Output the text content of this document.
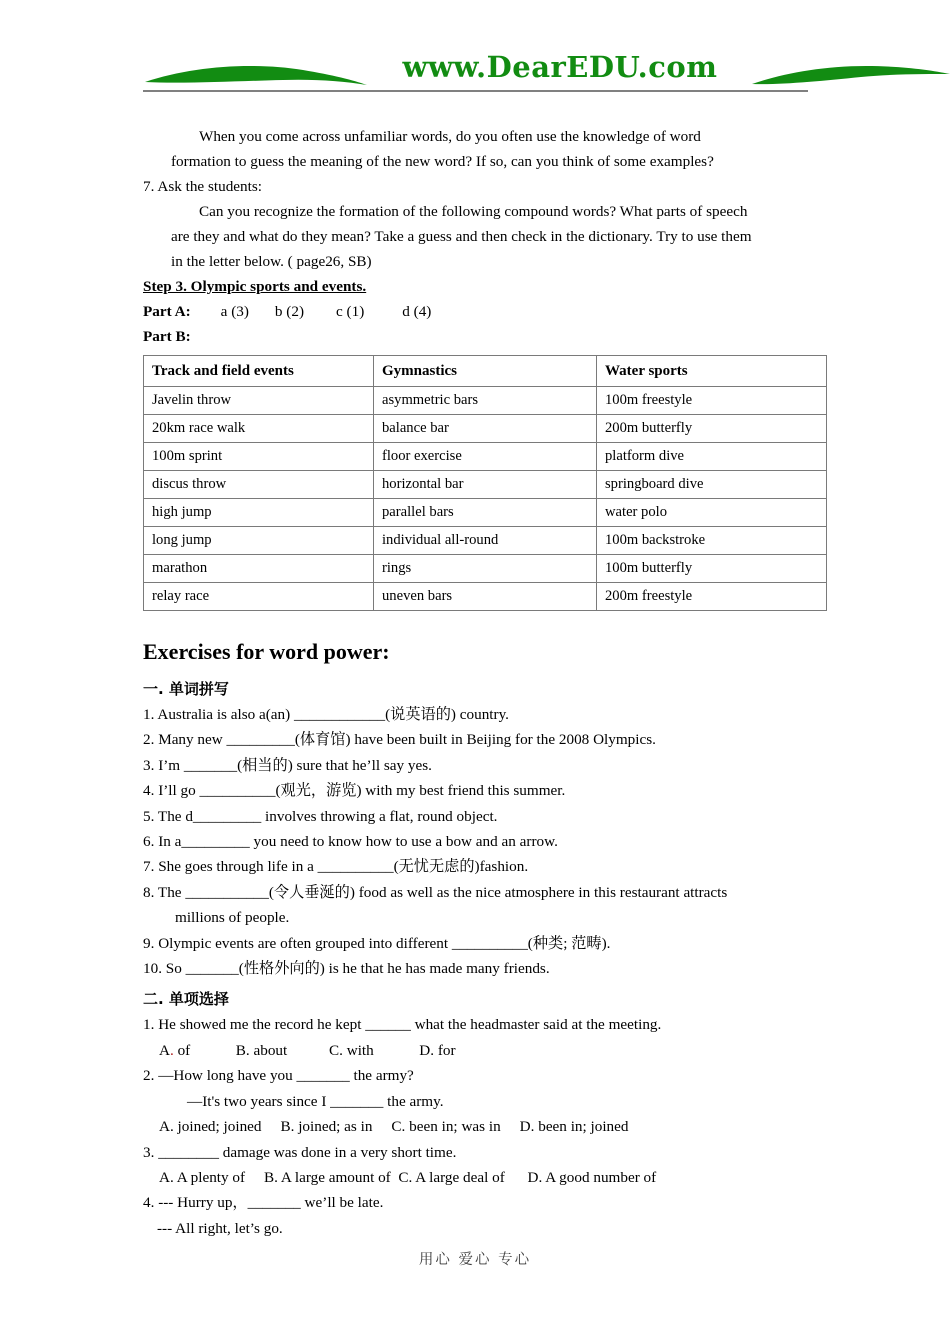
www.DearEDU.com

When you come across unfamiliar words, do you often use the knowledge of word

formation to guess the meaning of the new word? If so, can you think of some examples?

7. Ask the students:

Can you recognize the formation of the following compound words? What parts of speech

are they and what do they mean? Take a guess and then check in the dictionary. Try to use them

in the letter below. ( page26, SB)

Step 3. Olympic sports and events.

Part A: a (3) b (2) c (1)	d (4)

Part B:

Track and field events	Gymnastics	Water sports
Javelin throw	asymmetric bars	100m freestyle
20km race walk	balance bar	200m butterfly
100m sprint	floor exercise	platform dive
discus throw	horizontal bar	springboard dive
high jump	parallel bars	water polo
long jump	individual all-round	100m backstroke
marathon	rings	100m butterfly
relay race	uneven bars	200m freestyle

Exercises for word power:

一. 单词拼写

1. Australia is also a(an) ____________(说英语的) country.

2. Many new _________(体育馆) have been built in Beijing for the 2008 Olympics.

3. I’m _______(相当的) sure that he’ll say yes.

4. I’ll go __________(观光，游览) with my best friend this summer.

5. The d_________ involves throwing a flat, round object.

6. In a_________ you need to know how to use a bow and an arrow.

7. She goes through life in a __________(无忧无虑的)fashion.

8. The ___________(令人垂涎的) food as well as the nice atmosphere in this restaurant attracts

millions of people.

9. Olympic events are often grouped into different __________(种类; 范畴).

10. So _______(性格外向的) is he that he has made many friends.

二. 单项选择

1. He showed me the record he kept ______ what the headmaster said at the meeting.

A. of            B. about           C. with            D. for

2. —How long have you _______ the army?

—It's two years since I _______ the army.

A. joined; joined     B. joined; as in     C. been in; was in     D. been in; joined

3. ________ damage was done in a very short time.

A. A plenty of     B. A large amount of  C. A large deal of      D. A good number of

4. --- Hurry up，_______ we’ll be late.

--- All right, let’s go.

用心 爱心 专心
